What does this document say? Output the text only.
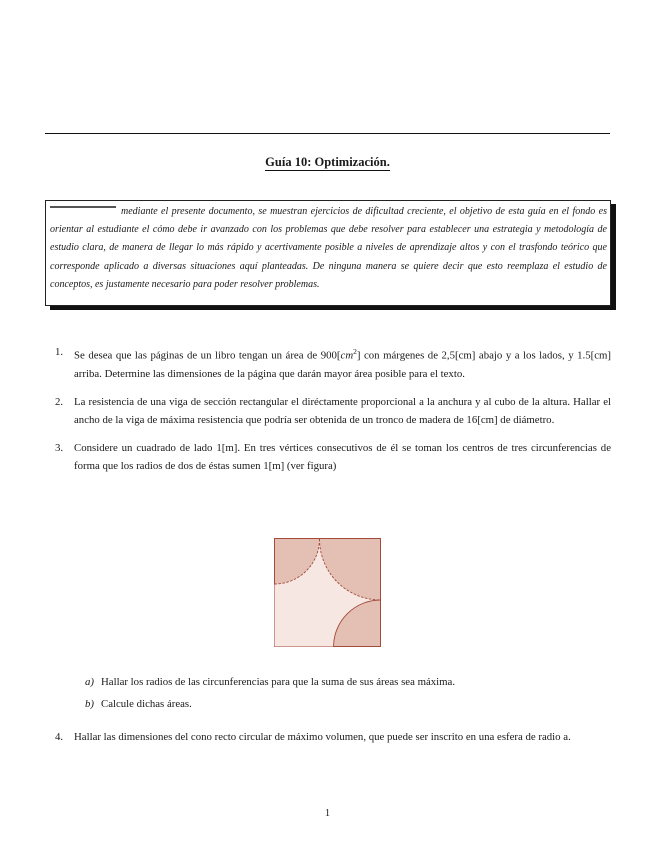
Guía 10: Optimización.
mediante el presente documento, se muestran ejercicios de dificultad creciente, el objetivo de esta guía en el fondo es orientar al estudiante el cómo debe ir avanzado con los problemas que debe resolver para establecer una estrategia y metodología de estudio clara, de manera de llegar lo más rápido y acertivamente posible a niveles de aprendizaje altos y con el trasfondo teórico que corresponde aplicado a diversas situaciones aquí planteadas. De ninguna manera se quiere decir que esto reemplaza el estudio de conceptos, es justamente necesario para poder resolver problemas.
1. Se desea que las páginas de un libro tengan un área de $900[cm^2]$ con márgenes de 2,5[cm] abajo y a los lados, y 1.5[cm] arriba. Determine las dimensiones de la página que darán mayor área posible para el texto.
2. La resistencia de una viga de sección rectangular el diréctamente proporcional a la anchura y al cubo de la altura. Hallar el ancho de la viga de máxima resistencia que podría ser obtenida de un tronco de madera de 16[cm] de diámetro.
3. Considere un cuadrado de lado 1[m]. En tres vértices consecutivos de él se toman los centros de tres circunferencias de forma que los radios de dos de éstas sumen 1[m] (ver figura)
a) Hallar los radios de las circunferencias para que la suma de sus áreas sea máxima.
b) Calcule dichas áreas.
4. Hallar las dimensiones del cono recto circular de máximo volumen, que puede ser inscrito en una esfera de radio a.
1
